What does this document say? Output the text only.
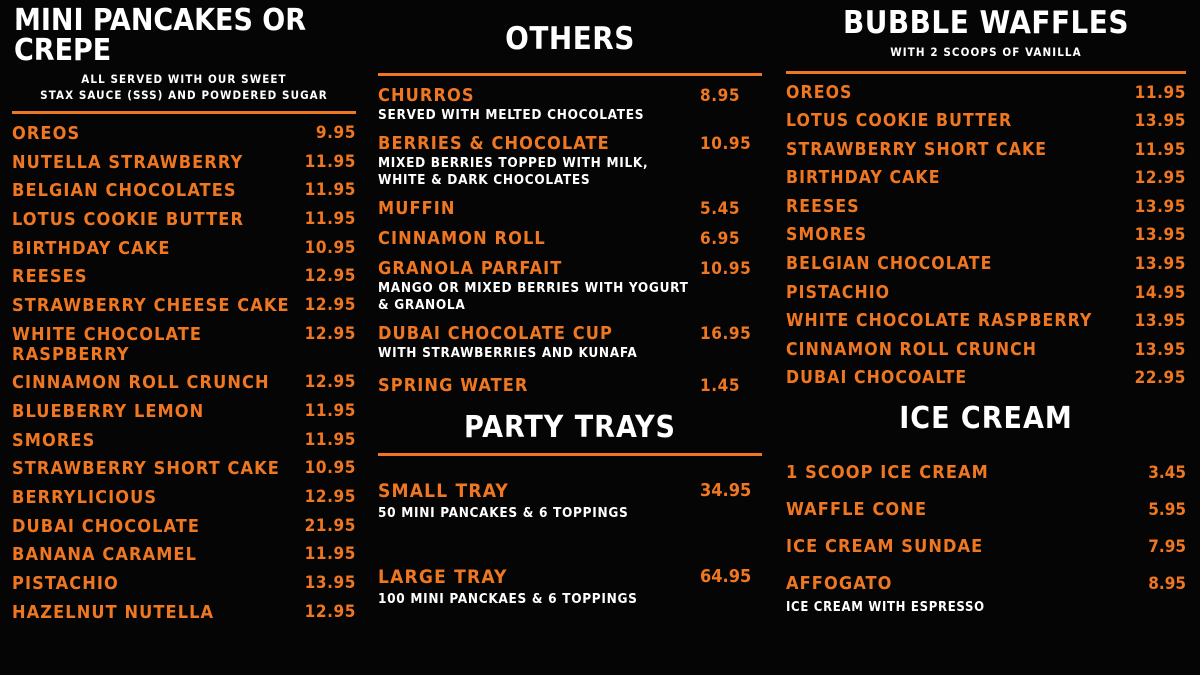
MINI PANCAKES OR CREPE
ALL SERVED WITH OUR SWEET
STAX SAUCE (SSS) AND POWDERED SUGAR
OREOS	9.95
NUTELLA STRAWBERRY	11.95
BELGIAN CHOCOLATES	11.95
LOTUS COOKIE BUTTER	11.95
BIRTHDAY CAKE	10.95
REESES	12.95
STRAWBERRY CHEESE CAKE 12.95
WHITE CHOCOLATE RASPBERRY
12.95
CINNAMON ROLL CRUNCH 12.95
BLUEBERRY LEMON	11.95
SMORES	11.95
STRAWBERRY SHORT CAKE 10.95
BERRYLICIOUS	12.95
DUBAI CHOCOLATE	21.95
BANANA CARAMEL	11.95
PISTACHIO	13.95
HAZELNUT NUTELLA	12.95
OTHERS
CHURROS
SERVED WITH MELTED CHOCOLATES
8.95
BERRIES & CHOCOLATE
MIXED BERRIES TOPPED WITH MILK, WHITE & DARK CHOCOLATES
10.95
MUFFIN	5.45
CINNAMON ROLL	6.95
GRANOLA PARFAIT
MANGO OR MIXED BERRIES WITH YOGURT & GRANOLA
10.95
DUBAI CHOCOLATE CUP
WITH STRAWBERRIES AND KUNAFA
16.95
SPRING WATER	1.45
PARTY TRAYS
SMALL TRAY
50 MINI PANCAKES & 6 TOPPINGS
34.95
LARGE TRAY
100 MINI PANCKAES & 6 TOPPINGS
64.95
BUBBLE WAFFLES
WITH 2 SCOOPS OF VANILLA
OREOS	11.95
LOTUS COOKIE BUTTER	13.95
STRAWBERRY SHORT CAKE	11.95
BIRTHDAY CAKE	12.95
REESES	13.95
SMORES	13.95
BELGIAN CHOCOLATE	13.95
PISTACHIO	14.95
WHITE CHOCOLATE RASPBERRY 13.95
CINNAMON ROLL CRUNCH	13.95
DUBAI CHOCOALTE	22.95
ICE CREAM
1 SCOOP ICE CREAM	3.45
WAFFLE CONE	5.95
ICE CREAM SUNDAE	7.95
AFFOGATO	8.95
ICE CREAM WITH ESPRESSO
